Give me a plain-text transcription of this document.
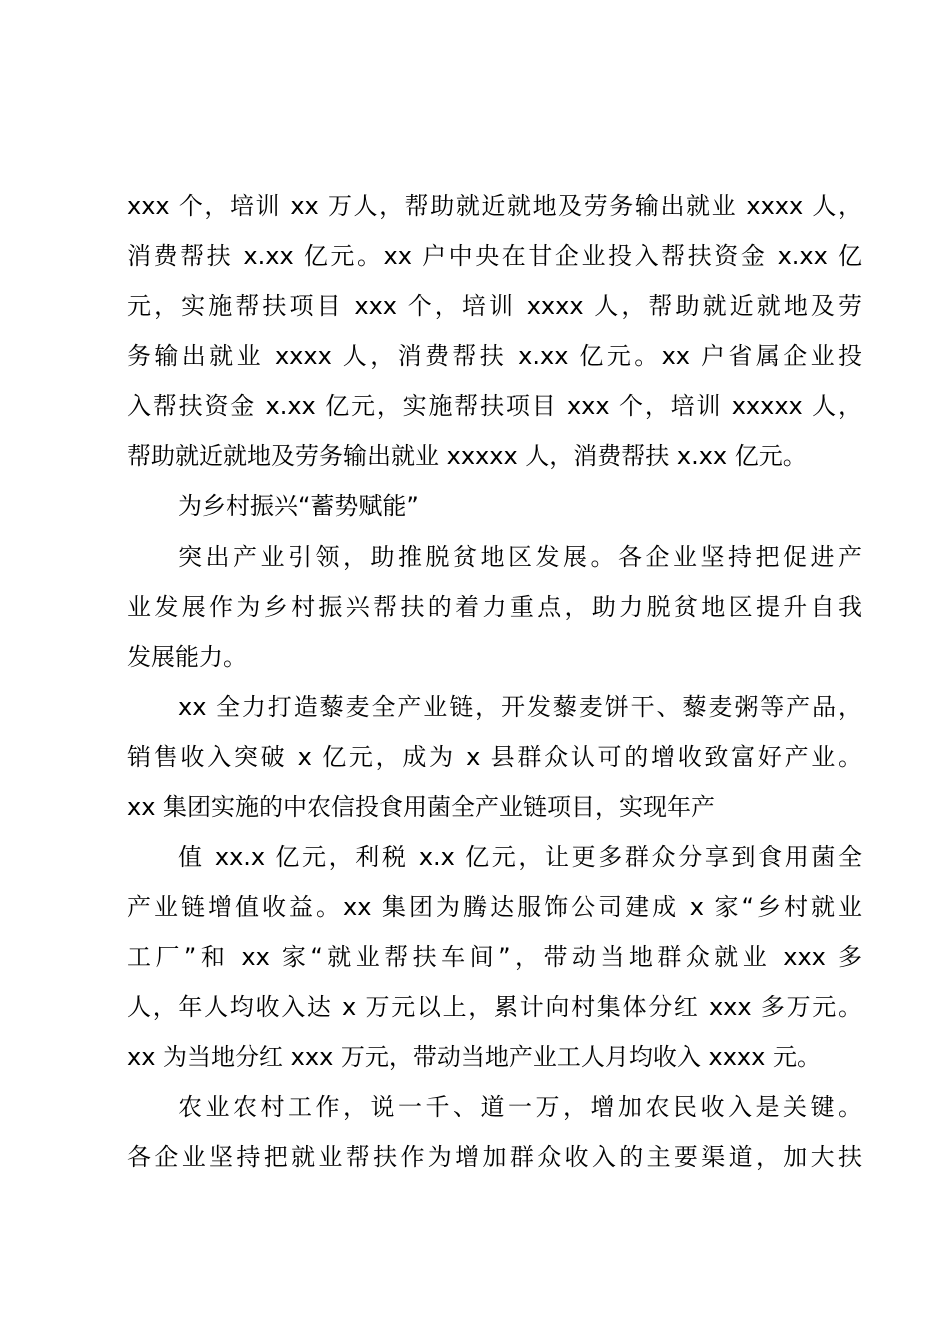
xxx 个，培训 xx 万人，帮助就近就地及劳务输出就业 xxxx 人，

消费帮扶 x.xx 亿元。xx 户中央在甘企业投入帮扶资金 x.xx 亿

元，实施帮扶项目 xxx 个，培训 xxxx 人，帮助就近就地及劳

务输出就业 xxxx 人，消费帮扶 x.xx 亿元。xx 户省属企业投

入帮扶资金 x.xx 亿元，实施帮扶项目 xxx 个，培训 xxxxx 人，

帮助就近就地及劳务输出就业 xxxxx 人，消费帮扶 x.xx 亿元。

为乡村振兴“蓄势赋能”

突出产业引领，助推脱贫地区发展。各企业坚持把促进产

业发展作为乡村振兴帮扶的着力重点，助力脱贫地区提升自我

发展能力。

xx 全力打造藜麦全产业链，开发藜麦饼干、藜麦粥等产品，

销售收入突破 x 亿元，成为 x 县群众认可的增收致富好产业。

xx 集团实施的中农信投食用菌全产业链项目，实现年产

值 xx.x 亿元，利税 x.x 亿元，让更多群众分享到食用菌全

产业链增值收益。xx 集团为腾达服饰公司建成 x 家“乡村就业

工厂”和 xx 家“就业帮扶车间”，带动当地群众就业 xxx 多

人，年人均收入达 x 万元以上，累计向村集体分红 xxx 多万元。

xx 为当地分红 xxx 万元，带动当地产业工人月均收入 xxxx 元。

农业农村工作，说一千、道一万，增加农民收入是关键。

各企业坚持把就业帮扶作为增加群众收入的主要渠道，加大扶
